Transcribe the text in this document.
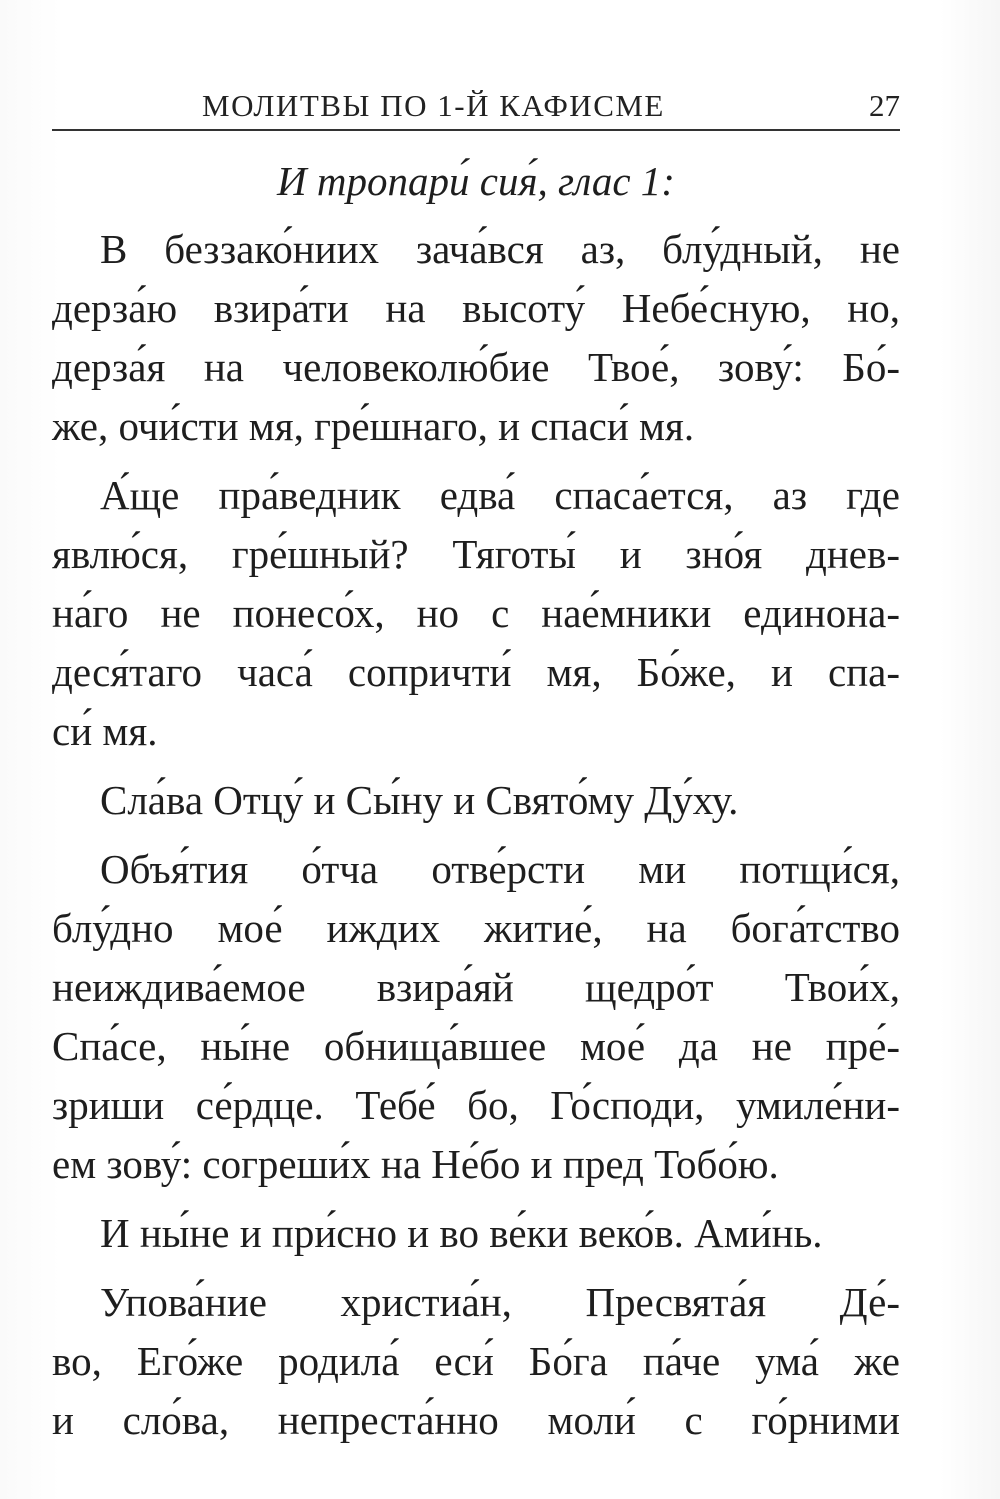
МОЛИТВЫ ПО 1-Й КАФИСМЕ	27
И тропари́ сия́, глас 1:
В беззако́ниих зача́вся аз, блу́дный, не
дерза́ю взира́ти на высоту́ Небе́сную, но,
дерза́я на человеколю́бие Твое́, зову́: Бо́-
же, очи́сти мя, гре́шнаго, и спаси́ мя.
А́ще пра́ведник едва́ спаса́ется, аз где
явлю́ся, гре́шный? Тяготы́ и зно́я днев-
на́го не понесо́х, но с нае́мники единона-
деся́таго часа́ сопричти́ мя, Бо́же, и спа-
си́ мя.
Сла́ва Отцу́ и Сы́ну и Свято́му Ду́ху.
Объя́тия о́тча отве́рсти ми потщи́ся,
блу́дно мое́ иждих житие́, на бога́тство
неиждива́емое взира́яй щедро́т Твои́х,
Спа́се, ны́не обнища́вшее мое́ да не пре́-
зриши се́рдце. Тебе́ бо, Го́споди, умиле́ни-
ем зову́: согреши́х на Не́бо и пред Тобо́ю.
И ны́не и при́сно и во ве́ки веко́в. Ами́нь.
Упова́ние христиа́н, Пресвята́я Де́-
во, Его́же родила́ еси́ Бо́га па́че ума́ же
и сло́ва, непреста́нно моли́ с го́рними
